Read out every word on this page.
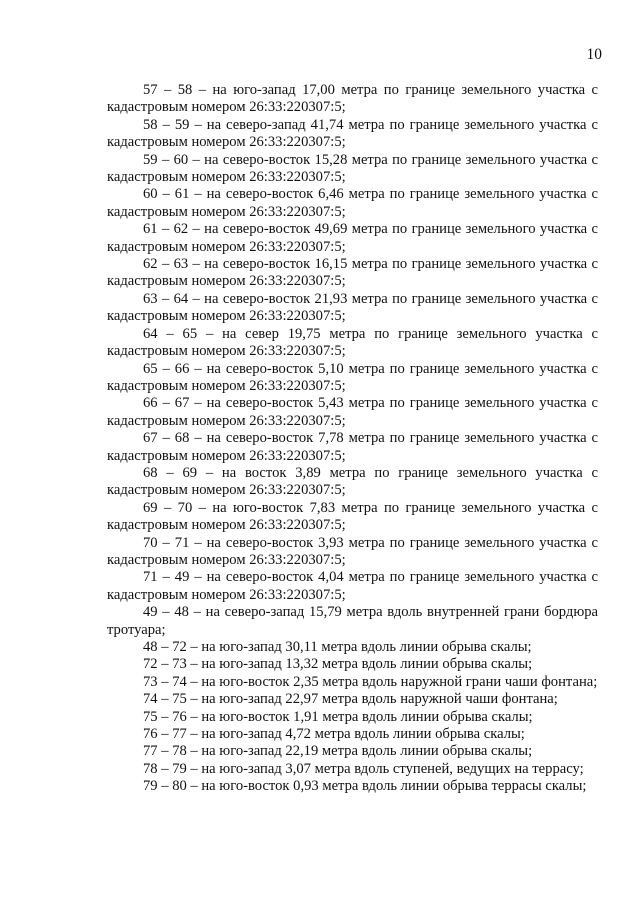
10

57 – 58 – на юго-запад 17,00 метра по границе земельного участка с кадастровым номером 26:33:220307:5;

58 – 59 – на северо-запад 41,74 метра по границе земельного участка с кадастровым номером 26:33:220307:5;

59 – 60 – на северо-восток 15,28 метра по границе земельного участка с кадастровым номером 26:33:220307:5;

60 – 61 – на северо-восток 6,46 метра по границе земельного участка с кадастровым номером 26:33:220307:5;

61 – 62 – на северо-восток 49,69 метра по границе земельного участка с кадастровым номером 26:33:220307:5;

62 – 63 – на северо-восток 16,15 метра по границе земельного участка с кадастровым номером 26:33:220307:5;

63 – 64 – на северо-восток 21,93 метра по границе земельного участка с кадастровым номером 26:33:220307:5;

64 – 65 – на север 19,75 метра по границе земельного участка с кадастровым номером 26:33:220307:5;

65 – 66 – на северо-восток 5,10 метра по границе земельного участка с кадастровым номером 26:33:220307:5;

66 – 67 – на северо-восток 5,43 метра по границе земельного участка с кадастровым номером 26:33:220307:5;

67 – 68 – на северо-восток 7,78 метра по границе земельного участка с кадастровым номером 26:33:220307:5;

68 – 69 – на восток 3,89 метра по границе земельного участка с кадастровым номером 26:33:220307:5;

69 – 70 – на юго-восток 7,83 метра по границе земельного участка с кадастровым номером 26:33:220307:5;

70 – 71 – на северо-восток 3,93 метра по границе земельного участка с кадастровым номером 26:33:220307:5;

71 – 49 – на северо-восток 4,04 метра по границе земельного участка с кадастровым номером 26:33:220307:5;

49 – 48 – на северо-запад 15,79 метра вдоль внутренней грани бордюра тротуара;

48 – 72 – на юго-запад 30,11 метра вдоль линии обрыва скалы;

72 – 73 – на юго-запад 13,32 метра вдоль линии обрыва скалы;

73 – 74 – на юго-восток 2,35 метра вдоль наружной грани чаши фонтана;

74 – 75 – на юго-запад 22,97 метра вдоль наружной чаши фонтана;

75 – 76 – на юго-восток 1,91 метра вдоль линии обрыва скалы;

76 – 77 – на юго-запад 4,72 метра вдоль линии обрыва скалы;

77 – 78 – на юго-запад 22,19 метра вдоль линии обрыва скалы;

78 – 79 – на юго-запад 3,07 метра вдоль ступеней, ведущих на террасу;

79 – 80 – на юго-восток 0,93 метра вдоль линии обрыва террасы скалы;
